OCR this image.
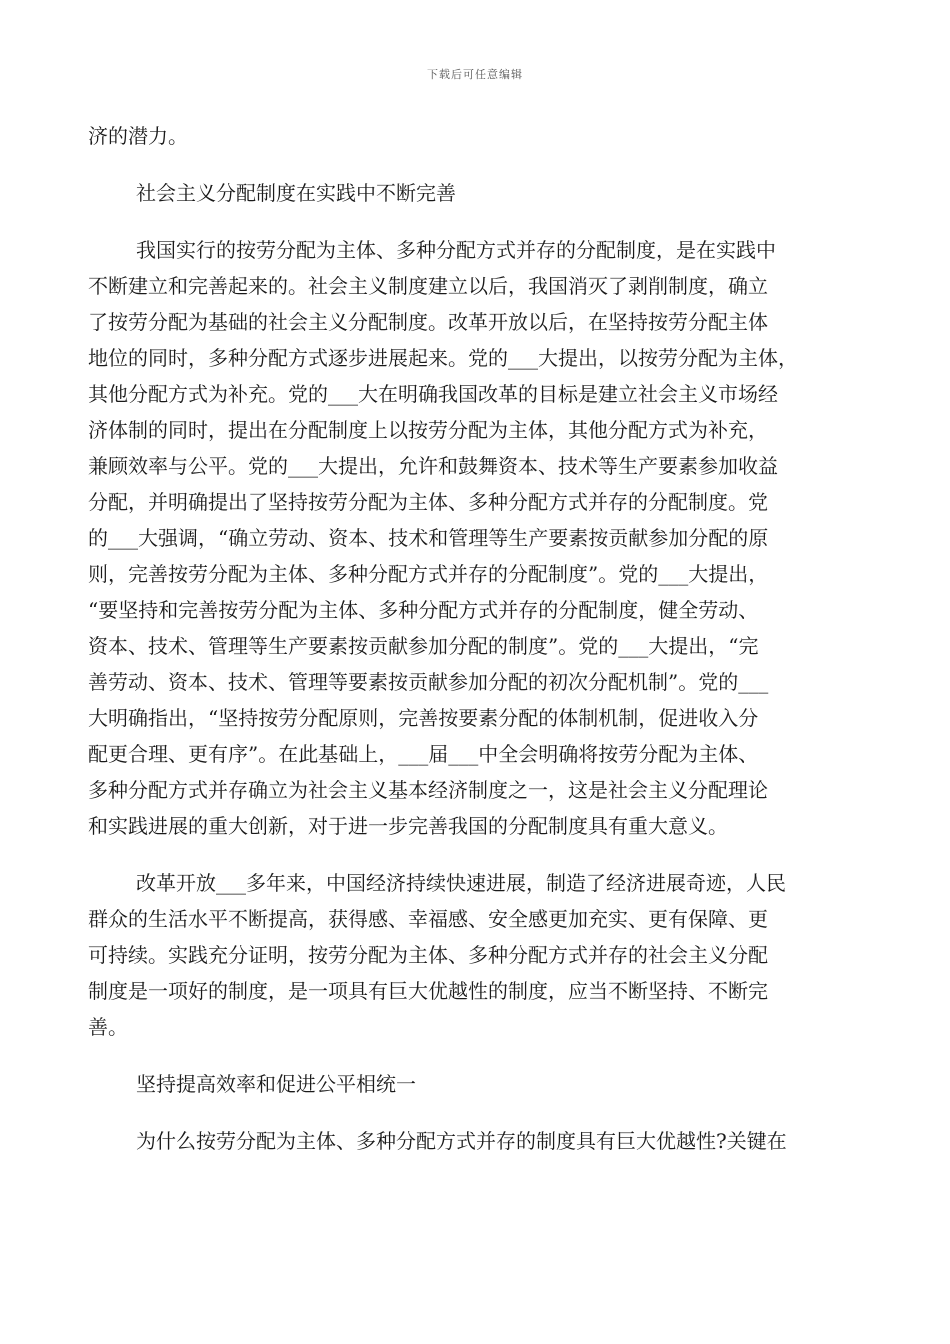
下载后可任意编辑
济的潜力。
社会主义分配制度在实践中不断完善
我国实行的按劳分配为主体、多种分配方式并存的分配制度，是在实践中
不断建立和完善起来的。社会主义制度建立以后，我国消灭了剥削制度，确立
了按劳分配为基础的社会主义分配制度。改革开放以后，在坚持按劳分配主体
地位的同时，多种分配方式逐步进展起来。党的___大提出，以按劳分配为主体，
其他分配方式为补充。党的___大在明确我国改革的目标是建立社会主义市场经
济体制的同时，提出在分配制度上以按劳分配为主体，其他分配方式为补充，
兼顾效率与公平。党的___大提出，允许和鼓舞资本、技术等生产要素参加收益
分配，并明确提出了坚持按劳分配为主体、多种分配方式并存的分配制度。党
的___大强调，“确立劳动、资本、技术和管理等生产要素按贡献参加分配的原
则，完善按劳分配为主体、多种分配方式并存的分配制度”。党的___大提出，
“要坚持和完善按劳分配为主体、多种分配方式并存的分配制度，健全劳动、
资本、技术、管理等生产要素按贡献参加分配的制度”。党的___大提出，“完
善劳动、资本、技术、管理等要素按贡献参加分配的初次分配机制”。党的___
大明确指出，“坚持按劳分配原则，完善按要素分配的体制机制，促进收入分
配更合理、更有序”。在此基础上，___届___中全会明确将按劳分配为主体、
多种分配方式并存确立为社会主义基本经济制度之一，这是社会主义分配理论
和实践进展的重大创新，对于进一步完善我国的分配制度具有重大意义。
改革开放___多年来，中国经济持续快速进展，制造了经济进展奇迹，人民
群众的生活水平不断提高，获得感、幸福感、安全感更加充实、更有保障、更
可持续。实践充分证明，按劳分配为主体、多种分配方式并存的社会主义分配
制度是一项好的制度，是一项具有巨大优越性的制度，应当不断坚持、不断完
善。
坚持提高效率和促进公平相统一
为什么按劳分配为主体、多种分配方式并存的制度具有巨大优越性?关键在
